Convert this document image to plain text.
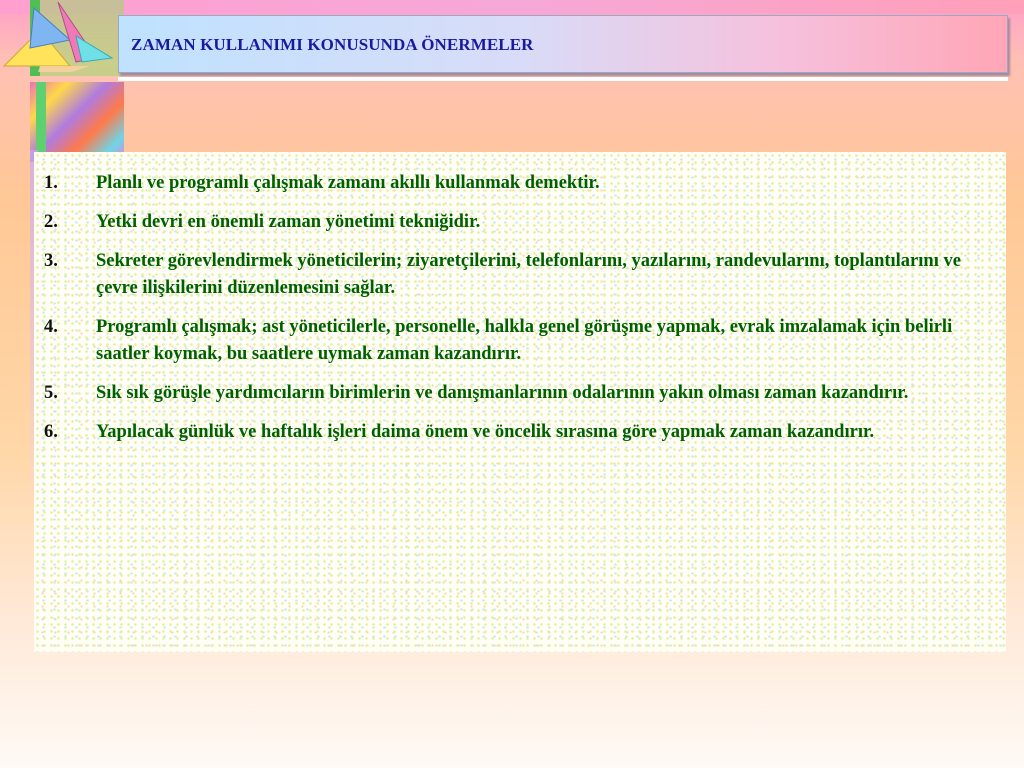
ZAMAN KULLANIMI KONUSUNDA ÖNERMELER
1. Planlı ve programlı çalışmak zamanı akıllı kullanmak demektir.
2. Yetki devri en önemli zaman yönetimi tekniğidir.
3. Sekreter görevlendirmek yöneticilerin; ziyaretçilerini, telefonlarını, yazılarını, randevularını, toplantılarını ve çevre ilişkilerini düzenlemesini sağlar.
4. Programlı çalışmak; ast yöneticilerle, personelle, halkla genel görüşme yapmak, evrak imzalamak için belirli saatler koymak, bu saatlere uymak zaman kazandırır.
5. Sık sık görüşle yardımcıların birimlerin ve danışmanlarının odalarının yakın olması zaman kazandırır.
6. Yapılacak günlük ve haftalık işleri daima önem ve öncelik sırasına göre yapmak zaman kazandırır.
